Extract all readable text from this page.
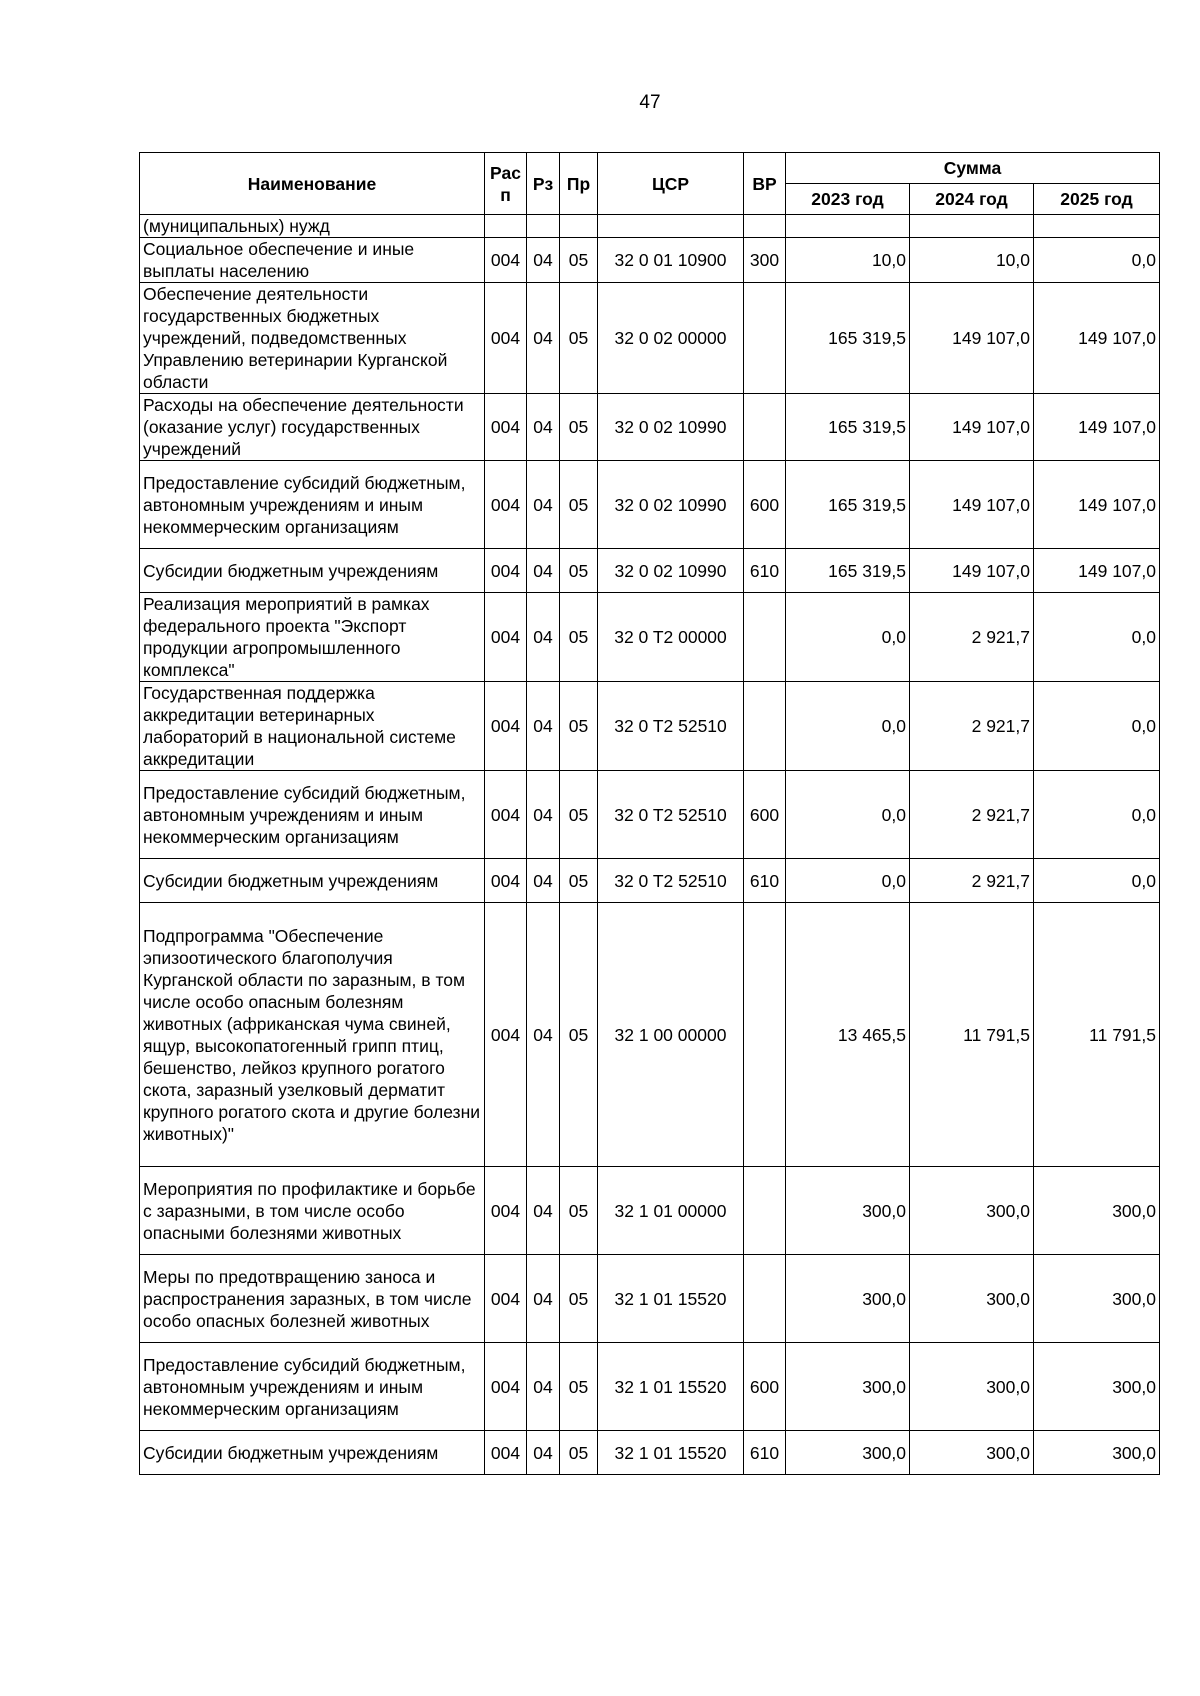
47
Наименование	Рас п	Рз	Пр	ЦСР	ВР	Сумма		
						2023 год	2024 год	2025 год
(муниципальных) нужд								
Социальное обеспечение и иные выплаты населению	004	04	05	32 0 01 10900	300	10,0	10,0	0,0
Обеспечение деятельности государственных бюджетных учреждений, подведомственных Управлению ветеринарии Курганской области	004	04	05	32 0 02 00000		165 319,5	149 107,0	149 107,0
Расходы на обеспечение деятельности (оказание услуг) государственных учреждений	004	04	05	32 0 02 10990		165 319,5	149 107,0	149 107,0
Предоставление субсидий бюджетным, автономным учреждениям и иным некоммерческим организациям	004	04	05	32 0 02 10990	600	165 319,5	149 107,0	149 107,0
Субсидии бюджетным учреждениям	004	04	05	32 0 02 10990	610	165 319,5	149 107,0	149 107,0
Реализация мероприятий в рамках федерального проекта "Экспорт продукции агропромышленного комплекса"	004	04	05	32 0 T2 00000		0,0	2 921,7	0,0
Государственная поддержка аккредитации ветеринарных лабораторий в национальной системе аккредитации	004	04	05	32 0 T2 52510		0,0	2 921,7	0,0
Предоставление субсидий бюджетным, автономным учреждениям и иным некоммерческим организациям	004	04	05	32 0 T2 52510	600	0,0	2 921,7	0,0
Субсидии бюджетным учреждениям	004	04	05	32 0 T2 52510	610	0,0	2 921,7	0,0
Подпрограмма "Обеспечение эпизоотического благополучия Курганской области по заразным, в том числе особо опасным болезням животных (африканская чума свиней, ящур, высокопатогенный грипп птиц, бешенство, лейкоз крупного рогатого скота, заразный узелковый дерматит крупного рогатого скота и другие болезни животных)"	004	04	05	32 1 00 00000		13 465,5	11 791,5	11 791,5
Мероприятия по профилактике и борьбе с заразными, в том числе особо опасными болезнями животных	004	04	05	32 1 01 00000		300,0	300,0	300,0
Меры по предотвращению заноса и распространения заразных, в том числе особо опасных болезней животных	004	04	05	32 1 01 15520		300,0	300,0	300,0
Предоставление субсидий бюджетным, автономным учреждениям и иным некоммерческим организациям	004	04	05	32 1 01 15520	600	300,0	300,0	300,0
Субсидии бюджетным учреждениям	004	04	05	32 1 01 15520	610	300,0	300,0	300,0
